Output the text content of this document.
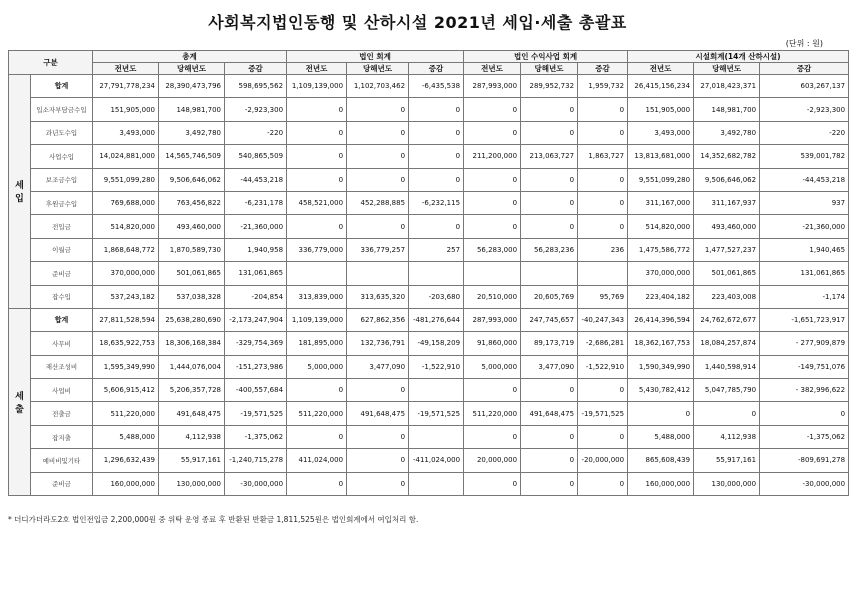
사회복지법인동행 및 산하시설 2021년 세입·세출 총괄표
(단위 : 원)
구분		총계			법인 회계			법인 수익사업 회계			시설회계(14개 산하시설)		
		전년도	당해년도	증감	전년도	당해년도	증감	전년도	당해년도	증감	전년도	당해년도	증감
세
입	합계	27,791,778,234	28,390,473,796	598,695,562	1,109,139,000	1,102,703,462	-6,435,538	287,993,000	289,952,732	1,959,732	26,415,156,234	27,018,423,371	603,267,137
	입소자부담금수입	151,905,000	148,981,700	-2,923,300	0	0	0	0	0	0	151,905,000	148,981,700	-2,923,300
	과년도수입	3,493,000	3,492,780	-220	0	0	0	0	0	0	3,493,000	3,492,780	-220
	사업수입	14,024,881,000	14,565,746,509	540,865,509	0	0	0	211,200,000	213,063,727	1,863,727	13,813,681,000	14,352,682,782	539,001,782
	보조금수입	9,551,099,280	9,506,646,062	-44,453,218	0	0	0	0	0	0	9,551,099,280	9,506,646,062	-44,453,218
	후원금수입	769,688,000	763,456,822	-6,231,178	458,521,000	452,288,885	-6,232,115	0	0	0	311,167,000	311,167,937	937
	전입금	514,820,000	493,460,000	-21,360,000	0	0	0	0	0	0	514,820,000	493,460,000	-21,360,000
	이월금	1,868,648,772	1,870,589,730	1,940,958	336,779,000	336,779,257	257	56,283,000	56,283,236	236	1,475,586,772	1,477,527,237	1,940,465
	준비금	370,000,000	501,061,865	131,061,865							370,000,000	501,061,865	131,061,865
	잡수입	537,243,182	537,038,328	-204,854	313,839,000	313,635,320	-203,680	20,510,000	20,605,769	95,769	223,404,182	223,403,008	-1,174
세
출	합계	27,811,528,594	25,638,280,690	-2,173,247,904	1,109,139,000	627,862,356	-481,276,644	287,993,000	247,745,657	-40,247,343	26,414,396,594	24,762,672,677	-1,651,723,917
	사무비	18,635,922,753	18,306,168,384	-329,754,369	181,895,000	132,736,791	-49,158,209	91,860,000	89,173,719	-2,686,281	18,362,167,753	18,084,257,874	- 277,909,879
	재산조성비	1,595,349,990	1,444,076,004	-151,273,986	5,000,000	3,477,090	-1,522,910	5,000,000	3,477,090	-1,522,910	1,590,349,990	1,440,598,914	-149,751,076
	사업비	5,606,915,412	5,206,357,728	-400,557,684	0	0		0	0	0	5,430,782,412	5,047,785,790	- 382,996,622
	전출금	511,220,000	491,648,475	-19,571,525	511,220,000	491,648,475	-19,571,525	511,220,000	491,648,475	-19,571,525	0	0	0
	잡지출	5,488,000	4,112,938	-1,375,062	0	0		0	0	0	5,488,000	4,112,938	-1,375,062
	예비비및기타	1,296,632,439	55,917,161	-1,240,715,278	411,024,000	0	-411,024,000	20,000,000	0	-20,000,000	865,608,439	55,917,161	-809,691,278
	준비금	160,000,000	130,000,000	-30,000,000	0	0		0	0	0	160,000,000	130,000,000	-30,000,000
* 더디가더라도2호 법인전입금 2,200,000원 중 위탁 운영 종료 후 반환된 반환금 1,811,525원은 법인회계에서 여입처리 함.
